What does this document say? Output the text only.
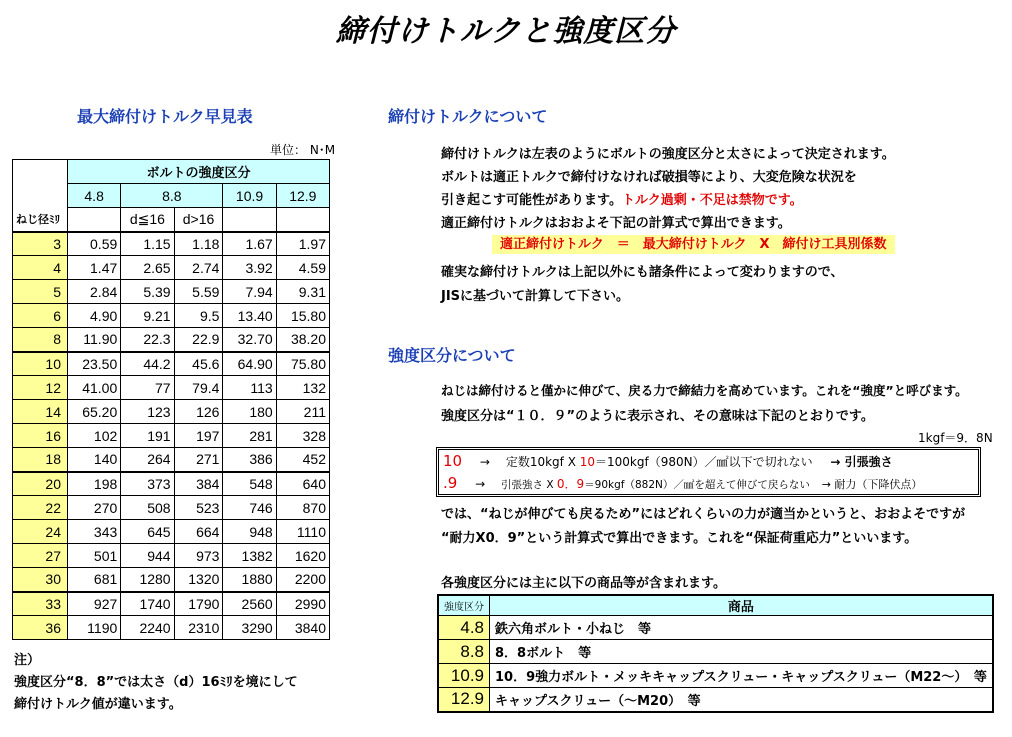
締付けトルクと強度区分
最大締付けトルク早見表
単位： N･M
	ボルトの強度区分				
	4.8	8.8		10.9	12.9
ねじ径ﾐﾘ		d≦16	d>16		
3	0.59	1.15	1.18	1.67	1.97
4	1.47	2.65	2.74	3.92	4.59
5	2.84	5.39	5.59	7.94	9.31
6	4.90	9.21	9.5	13.40	15.80
8	11.90	22.3	22.9	32.70	38.20
10	23.50	44.2	45.6	64.90	75.80
12	41.00	77	79.4	113	132
14	65.20	123	126	180	211
16	102	191	197	281	328
18	140	264	271	386	452
20	198	373	384	548	640
22	270	508	523	746	870
24	343	645	664	948	1110
27	501	944	973	1382	1620
30	681	1280	1320	1880	2200
33	927	1740	1790	2560	2990
36	1190	2240	2310	3290	3840
注）
強度区分“8．8”では太さ（d）16ﾐﾘを境にして
締付けトルク値が違います。
締付けトルクについて
締付けトルクは左表のようにボルトの強度区分と太さによって決定されます。
ボルトは適正トルクで締付けなければ破損等により、大変危険な状況を
引き起こす可能性があります。トルク過剰・不足は禁物です。
適正締付けトルクはおおよそ下記の計算式で算出できます。
適正締付けトルク　＝　最大締付けトルク　X　締付け工具別係数
確実な締付けトルクは上記以外にも諸条件によって変わりますので、
JISに基づいて計算して下さい。
強度区分について
ねじは締付けると僅かに伸びて、戻る力で締結力を高めています。これを“強度”と呼びます。
強度区分は“１０．９”のように表示され、その意味は下記のとおりです。
1kgf＝9．8N
10 → 定数10kgf X 10＝100kgf（980N）／㎟以下で切れない → 引張強さ
.9 → 引張強さ X 0．9＝90kgf（882N）／㎟を超えて伸びて戻らない → 耐力（下降伏点）
では、“ねじが伸びても戻るため”にはどれくらいの力が適当かというと、おおよそですが
“耐力X0．9”という計算式で算出できます。これを“保証荷重応力”といいます。
各強度区分には主に以下の商品等が含まれます。
強度区分	商品
4.8	鉄六角ボルト・小ねじ　等
8.8	8．8ボルト　等
10.9	10．9強力ボルト・メッキキャップスクリュー・キャップスクリュー（M22～）　等
12.9	キャップスクリュー（～M20）　等
